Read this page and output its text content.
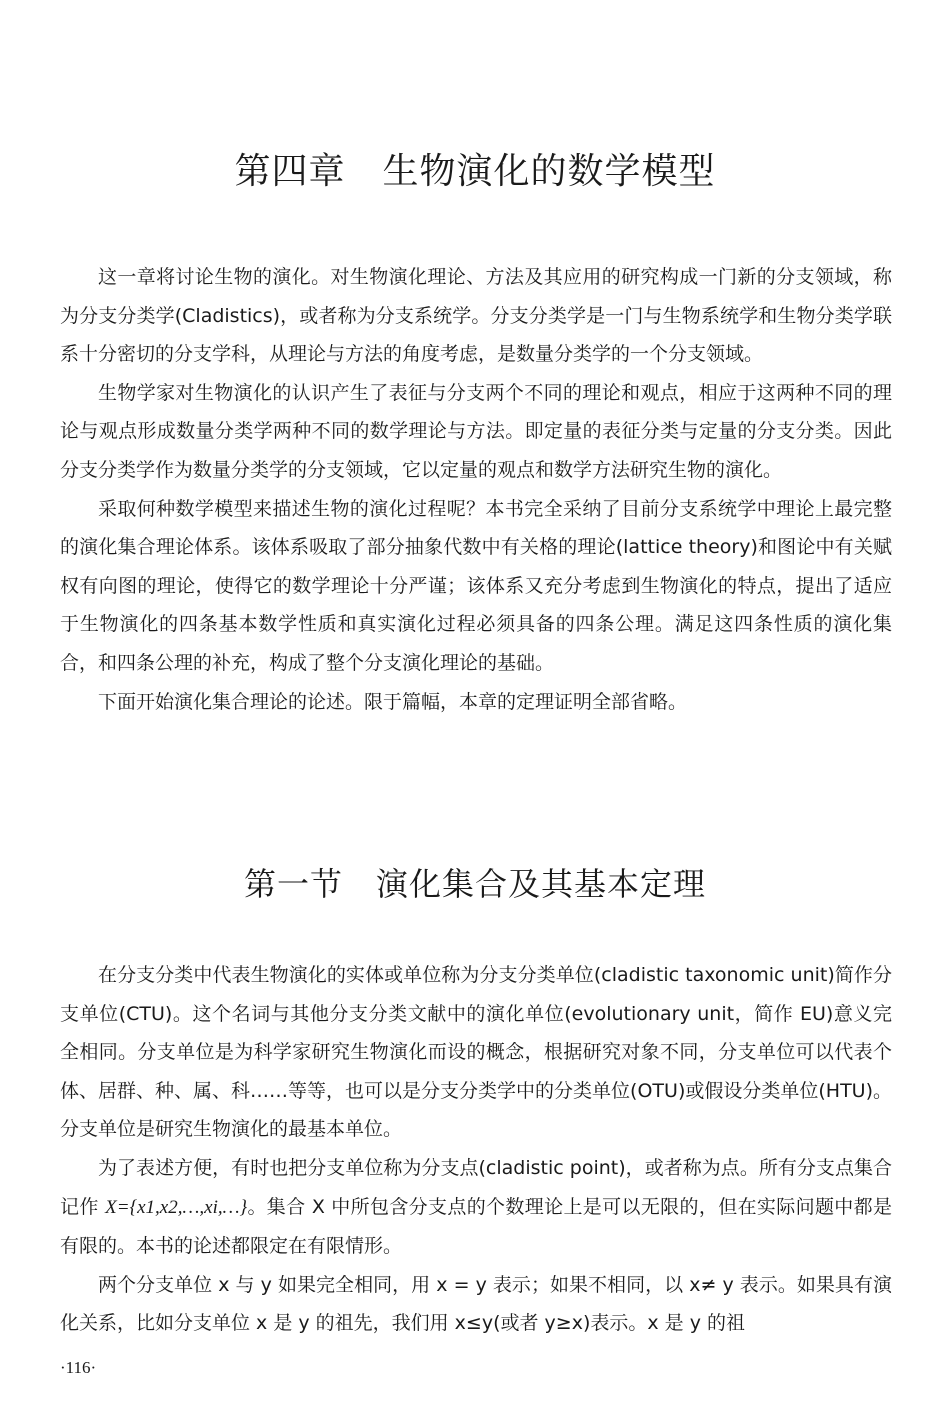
第四章　生物演化的数学模型

这一章将讨论生物的演化。对生物演化理论、方法及其应用的研究构成一门新的分支领域，称为分支分类学(Cladistics)，或者称为分支系统学。分支分类学是一门与生物系统学和生物分类学联系十分密切的分支学科，从理论与方法的角度考虑，是数量分类学的一个分支领域。

生物学家对生物演化的认识产生了表征与分支两个不同的理论和观点，相应于这两种不同的理论与观点形成数量分类学两种不同的数学理论与方法。即定量的表征分类与定量的分支分类。因此分支分类学作为数量分类学的分支领域，它以定量的观点和数学方法研究生物的演化。

采取何种数学模型来描述生物的演化过程呢？本书完全采纳了目前分支系统学中理论上最完整的演化集合理论体系。该体系吸取了部分抽象代数中有关格的理论(lattice theory)和图论中有关赋权有向图的理论，使得它的数学理论十分严谨；该体系又充分考虑到生物演化的特点，提出了适应于生物演化的四条基本数学性质和真实演化过程必须具备的四条公理。满足这四条性质的演化集合，和四条公理的补充，构成了整个分支演化理论的基础。

下面开始演化集合理论的论述。限于篇幅，本章的定理证明全部省略。

第一节　演化集合及其基本定理

在分支分类中代表生物演化的实体或单位称为分支分类单位(cladistic taxonomic unit)简作分支单位(CTU)。这个名词与其他分支分类文献中的演化单位(evolutionary unit，简作 EU)意义完全相同。分支单位是为科学家研究生物演化而设的概念，根据研究对象不同，分支单位可以代表个体、居群、种、属、科……等等，也可以是分支分类学中的分类单位(OTU)或假设分类单位(HTU)。分支单位是研究生物演化的最基本单位。

为了表述方便，有时也把分支单位称为分支点(cladistic point)，或者称为点。所有分支点集合记作 X={x1,x2,…,xi,…}。集合 X 中所包含分支点的个数理论上是可以无限的，但在实际问题中都是有限的。本书的论述都限定在有限情形。

两个分支单位 x 与 y 如果完全相同，用 x = y 表示；如果不相同，以 x≠ y 表示。如果具有演化关系，比如分支单位 x 是 y 的祖先，我们用 x≤y(或者 y≥x)表示。x 是 y 的祖

·116·
